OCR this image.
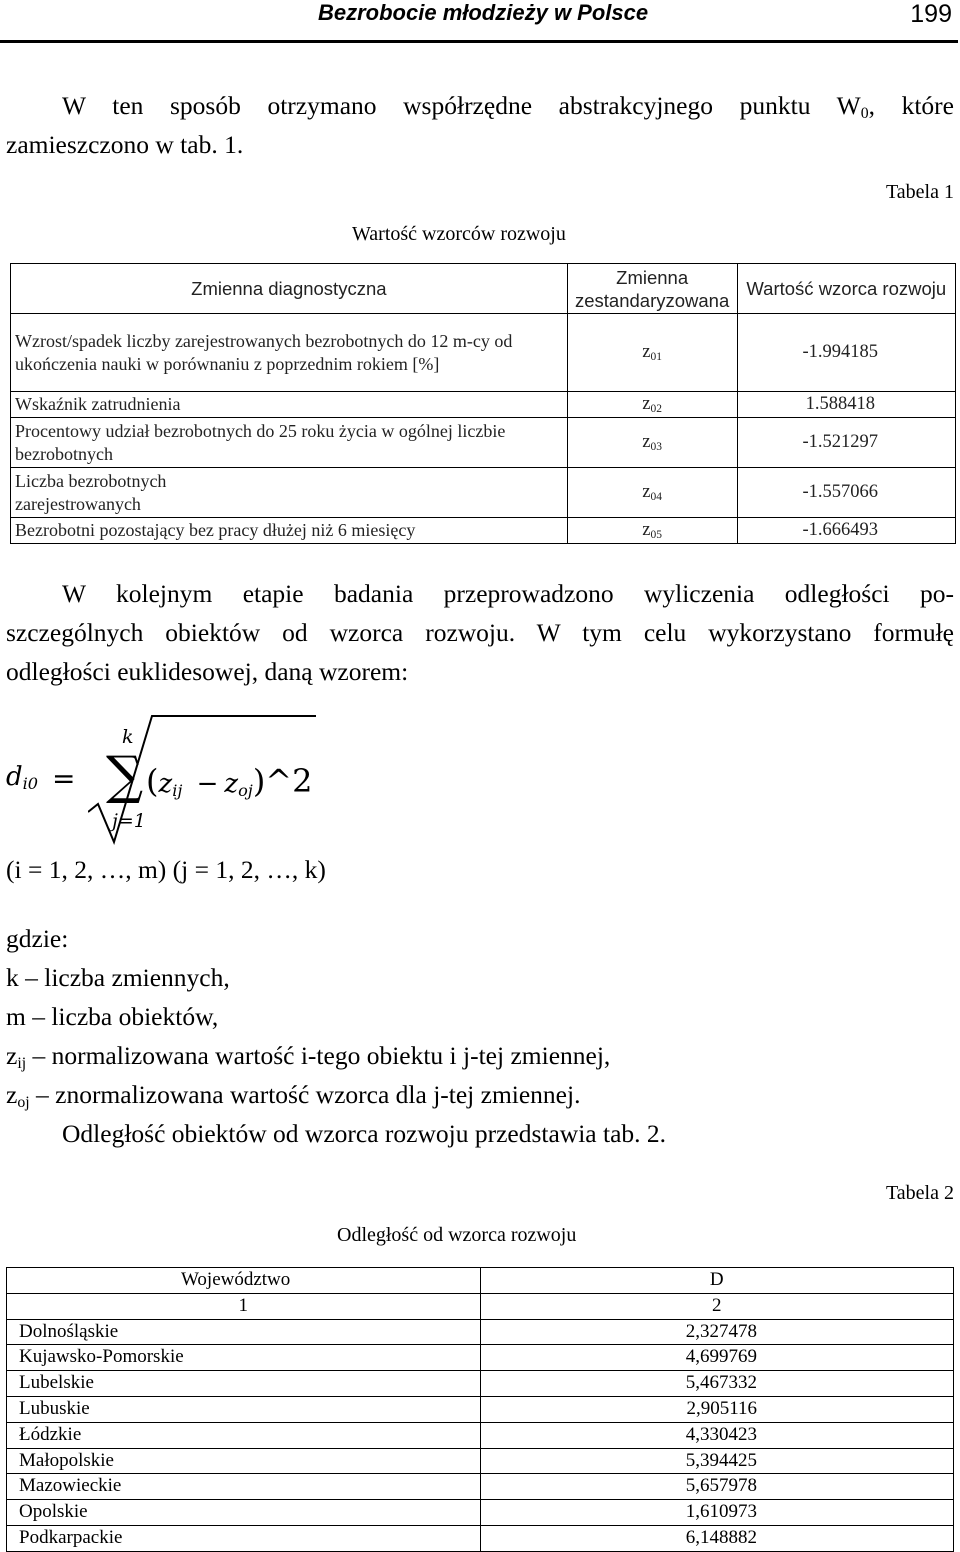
Bezrobocie młodzieży w Polsce	199
W ten sposób otrzymano współrzędne abstrakcyjnego punktu $W_0$, które
zamieszczono w tab. 1.
Tabela 1
Wartość wzorców rozwoju
Zmienna diagnostyczna	Zmienna zestandaryzowana	Wartość wzorca rozwoju
Wzrost/spadek liczby zarejestrowanych bezrobotnych do 12 m-cy od ukończenia nauki w porównaniu z poprzednim rokiem [%]	$z_{01}$	-1.994185
Wskaźnik zatrudnienia	$z_{02}$	1.588418
Procentowy udział bezrobotnych do 25 roku życia w ogólnej liczbie bezrobotnych	$z_{03}$	-1.521297
Liczba bezrobotnych zarejestrowanych	$z_{04}$	-1.557066
Bezrobotni pozostający bez pracy dłużej niż 6 miesięcy	$z_{05}$	-1.666493
W kolejnym etapie badania przeprowadzono wyliczenia odległości po-
szczególnych obiektów od wzorca rozwoju. W tym celu wykorzystano formułę
odległości euklidesowej, daną wzorem:
$d_{i0}$ =
k
∑
j=1
($z_{ij}$ − $z_{oj})\^{}2$
(i = 1, 2, …, m) (j = 1, 2, …, k)
gdzie:
k – liczba zmiennych,
m – liczba obiektów,
$z_{ij}$ – normalizowana wartość i-tego obiektu i j-tej zmiennej,
$z_{oj}$ – znormalizowana wartość wzorca dla j-tej zmiennej.
Odległość obiektów od wzorca rozwoju przedstawia tab. 2.
Tabela 2
Odległość od wzorca rozwoju
Województwo	D
1	2
Dolnośląskie	2,327478
Kujawsko-Pomorskie	4,699769
Lubelskie	5,467332
Lubuskie	2,905116
Łódzkie	4,330423
Małopolskie	5,394425
Mazowieckie	5,657978
Opolskie	1,610973
Podkarpackie	6,148882
